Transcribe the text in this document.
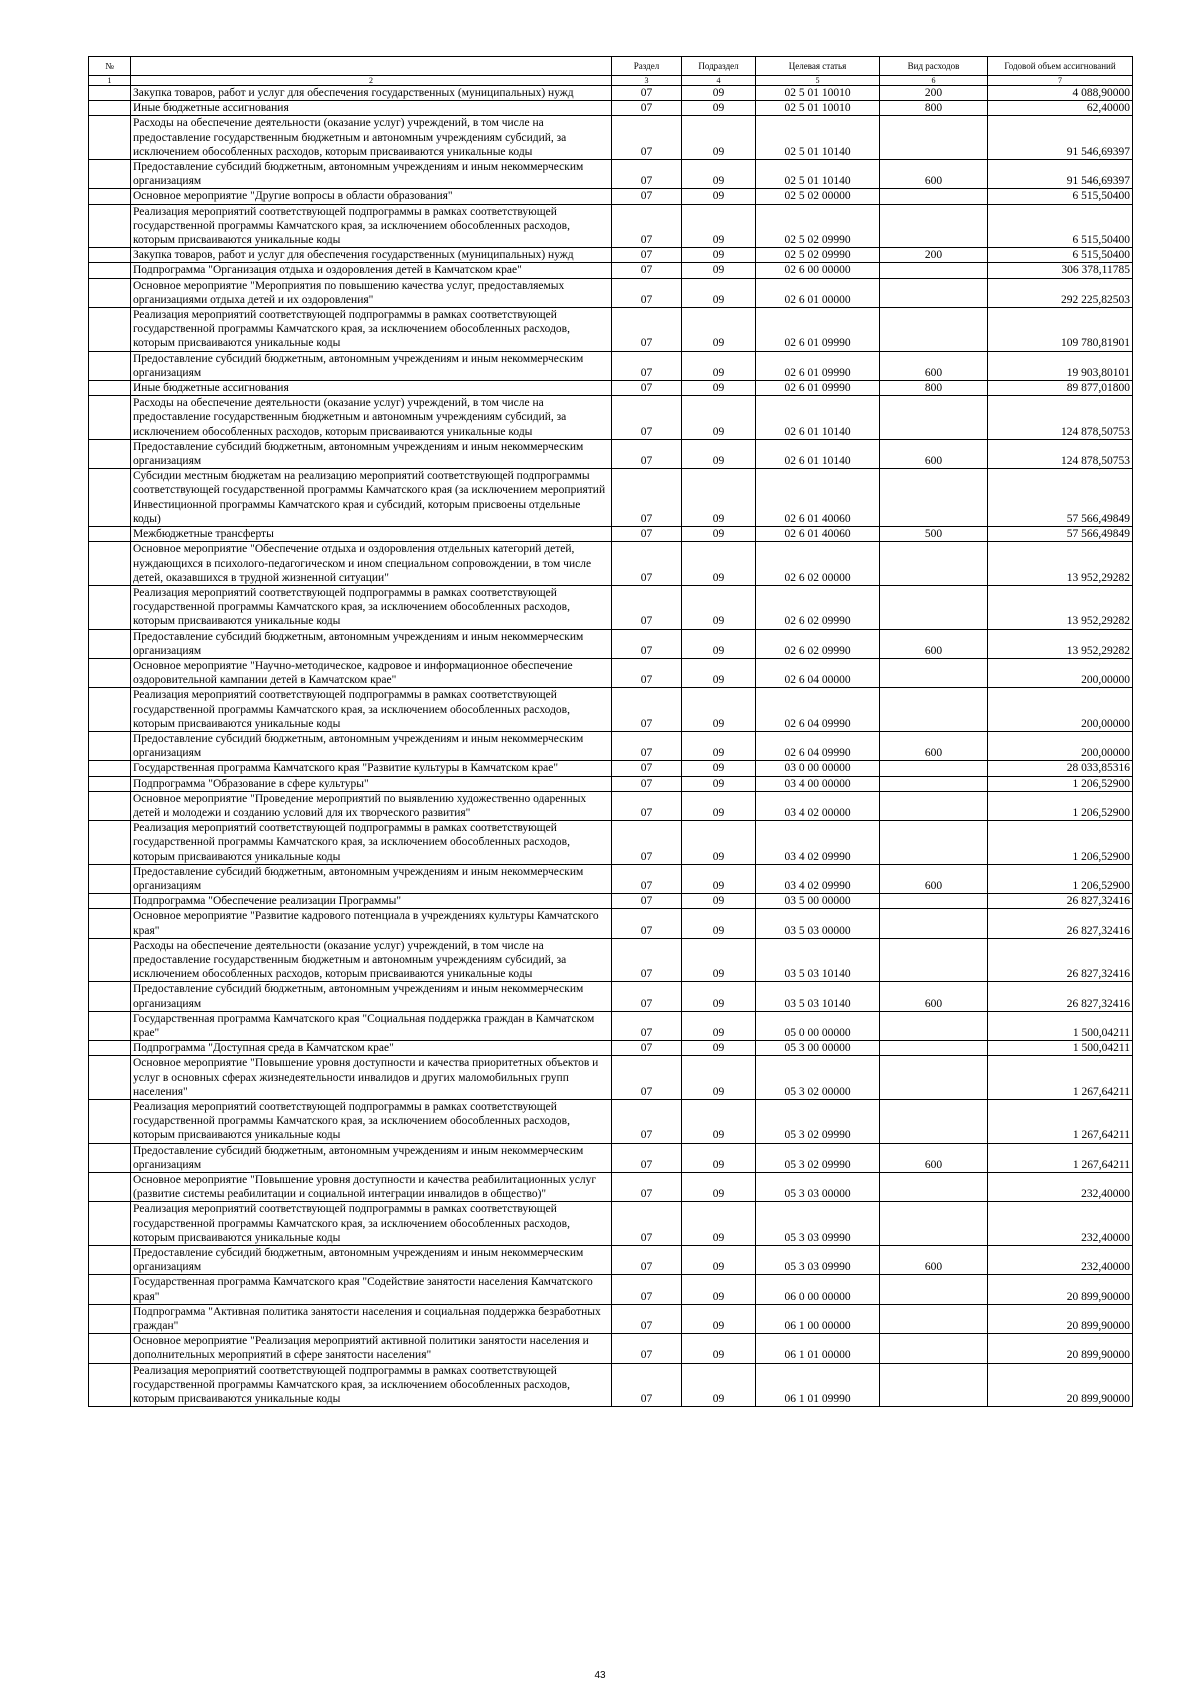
№		Раздел	Подраздел	Целевая статья	Вид расходов	Годовой объем ассигнований
1	2	3	4	5	6	7
	Закупка товаров, работ и услуг для обеспечения государственных (муниципальных) нужд	07	09	02 5 01 10010	200	4 088,90000
	Иные бюджетные ассигнования	07	09	02 5 01 10010	800	62,40000
	Расходы на обеспечение деятельности (оказание услуг) учреждений, в том числе на предоставление государственным бюджетным и автономным учреждениям субсидий, за исключением обособленных расходов, которым присваиваются уникальные коды	07	09	02 5 01 10140		91 546,69397
	Предоставление субсидий бюджетным, автономным учреждениям и иным некоммерческим организациям	07	09	02 5 01 10140	600	91 546,69397
	Основное мероприятие "Другие вопросы в области образования"	07	09	02 5 02 00000		6 515,50400
	Реализация мероприятий соответствующей подпрограммы в рамках соответствующей государственной программы Камчатского края, за исключением обособленных расходов, которым присваиваются уникальные коды	07	09	02 5 02 09990		6 515,50400
	Закупка товаров, работ и услуг для обеспечения государственных (муниципальных) нужд	07	09	02 5 02 09990	200	6 515,50400
	Подпрограмма "Организация отдыха и оздоровления детей в Камчатском крае"	07	09	02 6 00 00000		306 378,11785
	Основное мероприятие "Мероприятия по повышению качества услуг, предоставляемых организациями отдыха детей и их оздоровления"	07	09	02 6 01 00000		292 225,82503
	Реализация мероприятий соответствующей подпрограммы в рамках соответствующей государственной программы Камчатского края, за исключением обособленных расходов, которым присваиваются уникальные коды	07	09	02 6 01 09990		109 780,81901
	Предоставление субсидий бюджетным, автономным учреждениям и иным некоммерческим организациям	07	09	02 6 01 09990	600	19 903,80101
	Иные бюджетные ассигнования	07	09	02 6 01 09990	800	89 877,01800
	Расходы на обеспечение деятельности (оказание услуг) учреждений, в том числе на предоставление государственным бюджетным и автономным учреждениям субсидий, за исключением обособленных расходов, которым присваиваются уникальные коды	07	09	02 6 01 10140		124 878,50753
	Предоставление субсидий бюджетным, автономным учреждениям и иным некоммерческим организациям	07	09	02 6 01 10140	600	124 878,50753
	Субсидии местным бюджетам на реализацию мероприятий соответствующей подпрограммы соответствующей государственной программы Камчатского края (за исключением мероприятий Инвестиционной программы Камчатского края и субсидий, которым присвоены отдельные коды)	07	09	02 6 01 40060		57 566,49849
	Межбюджетные трансферты	07	09	02 6 01 40060	500	57 566,49849
	Основное мероприятие "Обеспечение отдыха и оздоровления отдельных категорий детей, нуждающихся в психолого-педагогическом и ином специальном сопровождении, в том числе детей, оказавшихся в трудной жизненной ситуации"	07	09	02 6 02 00000		13 952,29282
	Реализация мероприятий соответствующей подпрограммы в рамках соответствующей государственной программы Камчатского края, за исключением обособленных расходов, которым присваиваются уникальные коды	07	09	02 6 02 09990		13 952,29282
	Предоставление субсидий бюджетным, автономным учреждениям и иным некоммерческим организациям	07	09	02 6 02 09990	600	13 952,29282
	Основное мероприятие "Научно-методическое, кадровое и информационное обеспечение оздоровительной кампании детей в Камчатском крае"	07	09	02 6 04 00000		200,00000
	Реализация мероприятий соответствующей подпрограммы в рамках соответствующей государственной программы Камчатского края, за исключением обособленных расходов, которым присваиваются уникальные коды	07	09	02 6 04 09990		200,00000
	Предоставление субсидий бюджетным, автономным учреждениям и иным некоммерческим организациям	07	09	02 6 04 09990	600	200,00000
	Государственная программа Камчатского края "Развитие культуры в Камчатском крае"	07	09	03 0 00 00000		28 033,85316
	Подпрограмма "Образование в сфере культуры"	07	09	03 4 00 00000		1 206,52900
	Основное мероприятие "Проведение мероприятий по выявлению художественно одаренных детей и молодежи и созданию условий для их творческого развития"	07	09	03 4 02 00000		1 206,52900
	Реализация мероприятий соответствующей подпрограммы в рамках соответствующей государственной программы Камчатского края, за исключением обособленных расходов, которым присваиваются уникальные коды	07	09	03 4 02 09990		1 206,52900
	Предоставление субсидий бюджетным, автономным учреждениям и иным некоммерческим организациям	07	09	03 4 02 09990	600	1 206,52900
	Подпрограмма "Обеспечение реализации Программы"	07	09	03 5 00 00000		26 827,32416
	Основное мероприятие "Развитие кадрового потенциала в учреждениях культуры Камчатского края"	07	09	03 5 03 00000		26 827,32416
	Расходы на обеспечение деятельности (оказание услуг) учреждений, в том числе на предоставление государственным бюджетным и автономным учреждениям субсидий, за исключением обособленных расходов, которым присваиваются уникальные коды	07	09	03 5 03 10140		26 827,32416
	Предоставление субсидий бюджетным, автономным учреждениям и иным некоммерческим организациям	07	09	03 5 03 10140	600	26 827,32416
	Государственная программа Камчатского края "Социальная поддержка граждан в Камчатском крае"	07	09	05 0 00 00000		1 500,04211
	Подпрограмма "Доступная среда в Камчатском крае"	07	09	05 3 00 00000		1 500,04211
	Основное мероприятие "Повышение уровня доступности и качества приоритетных объектов и услуг в основных сферах жизнедеятельности инвалидов и других маломобильных групп населения"	07	09	05 3 02 00000		1 267,64211
	Реализация мероприятий соответствующей подпрограммы в рамках соответствующей государственной программы Камчатского края, за исключением обособленных расходов, которым присваиваются уникальные коды	07	09	05 3 02 09990		1 267,64211
	Предоставление субсидий бюджетным, автономным учреждениям и иным некоммерческим организациям	07	09	05 3 02 09990	600	1 267,64211
	Основное мероприятие "Повышение уровня доступности и качества реабилитационных услуг (развитие системы реабилитации и социальной интеграции инвалидов в общество)"	07	09	05 3 03 00000		232,40000
	Реализация мероприятий соответствующей подпрограммы в рамках соответствующей государственной программы Камчатского края, за исключением обособленных расходов, которым присваиваются уникальные коды	07	09	05 3 03 09990		232,40000
	Предоставление субсидий бюджетным, автономным учреждениям и иным некоммерческим организациям	07	09	05 3 03 09990	600	232,40000
	Государственная программа Камчатского края "Содействие занятости населения Камчатского края"	07	09	06 0 00 00000		20 899,90000
	Подпрограмма "Активная политика занятости населения и социальная поддержка безработных граждан"	07	09	06 1 00 00000		20 899,90000
	Основное мероприятие "Реализация мероприятий активной политики занятости населения и дополнительных мероприятий в сфере занятости населения"	07	09	06 1 01 00000		20 899,90000
	Реализация мероприятий соответствующей подпрограммы в рамках соответствующей государственной программы Камчатского края, за исключением обособленных расходов, которым присваиваются уникальные коды	07	09	06 1 01 09990		20 899,90000
43
